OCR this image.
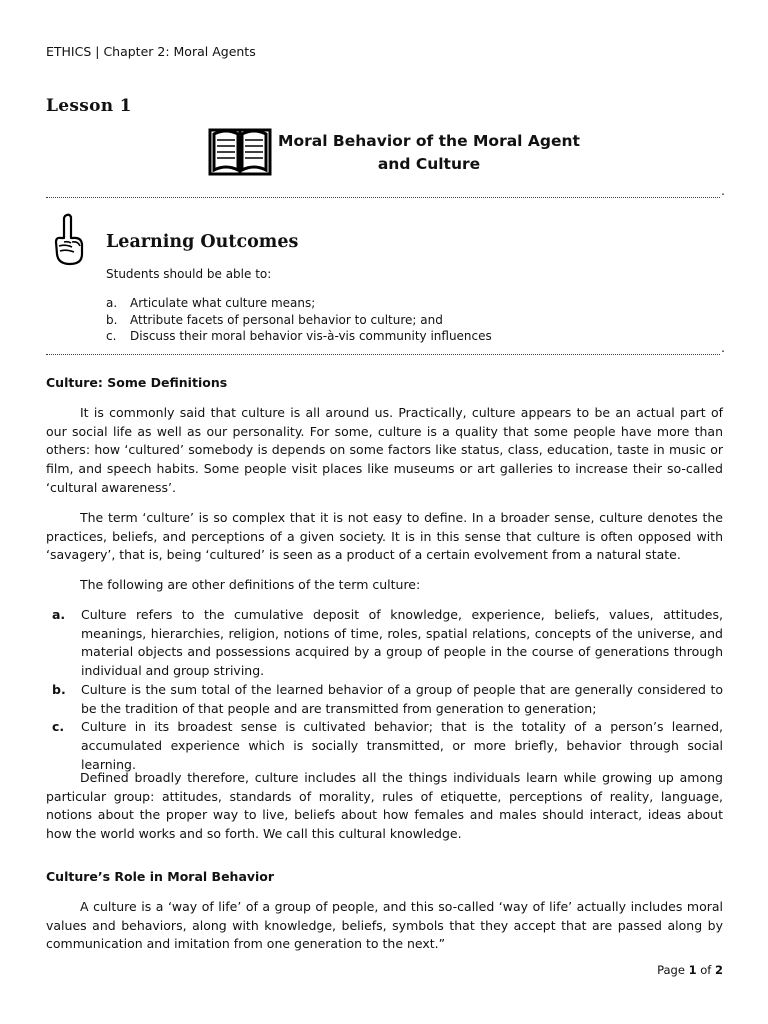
ETHICS | Chapter 2: Moral Agents
Lesson 1
Moral Behavior of the Moral Agent
and Culture
.
Learning Outcomes
Students should be able to:
a.	Articulate what culture means;
b.	Attribute facets of personal behavior to culture; and
c.	Discuss their moral behavior vis-à-vis community influences
.
Culture: Some Definitions

It is commonly said that culture is all around us. Practically, culture appears to be an actual part of our social life as well as our personality. For some, culture is a quality that some people have more than others: how ‘cultured’ somebody is depends on some factors like status, class, education, taste in music or film, and speech habits. Some people visit places like museums or art galleries to increase their so-called ‘cultural awareness’.

The term ‘culture’ is so complex that it is not easy to define. In a broader sense, culture denotes the practices, beliefs, and perceptions of a given society. It is in this sense that culture is often opposed with ‘savagery’, that is, being ‘cultured’ is seen as a product of a certain evolvement from a natural state.

The following are other definitions of the term culture:

a.	Culture refers to the cumulative deposit of knowledge, experience, beliefs, values, attitudes, meanings, hierarchies, religion, notions of time, roles, spatial relations, concepts of the universe, and material objects and possessions acquired by a group of people in the course of generations through individual and group striving.
b.	Culture is the sum total of the learned behavior of a group of people that are generally considered to be the tradition of that people and are transmitted from generation to generation;
c.	Culture in its broadest sense is cultivated behavior; that is the totality of a person’s learned, accumulated experience which is socially transmitted, or more briefly, behavior through social learning.

Defined broadly therefore, culture includes all the things individuals learn while growing up among particular group: attitudes, standards of morality, rules of etiquette, perceptions of reality, language, notions about the proper way to live, beliefs about how females and males should interact, ideas about how the world works and so forth. We call this cultural knowledge.

Culture’s Role in Moral Behavior

A culture is a ‘way of life’ of a group of people, and this so-called ‘way of life’ actually includes moral values and behaviors, along with knowledge, beliefs, symbols that they accept that are passed along by communication and imitation from one generation to the next.”

Page 1 of 2
